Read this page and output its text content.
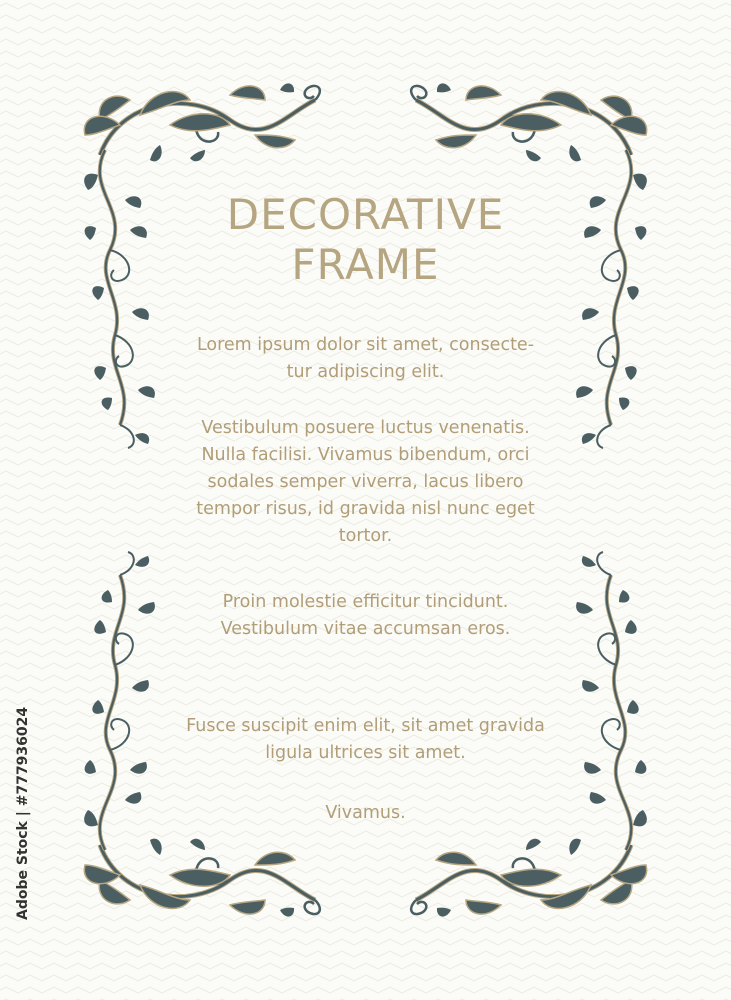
DECORATIVE
FRAME
Lorem ipsum dolor sit amet, consecte-
tur adipiscing elit.
Vestibulum posuere luctus venenatis.
Nulla facilisi. Vivamus bibendum, orci
sodales semper viverra, lacus libero
tempor risus, id gravida nisl nunc eget
tortor.
Proin molestie efficitur tincidunt.
Vestibulum vitae accumsan eros.
Fusce suscipit enim elit, sit amet gravida
ligula ultrices sit amet.
Vivamus.
Adobe Stock | #777936024
